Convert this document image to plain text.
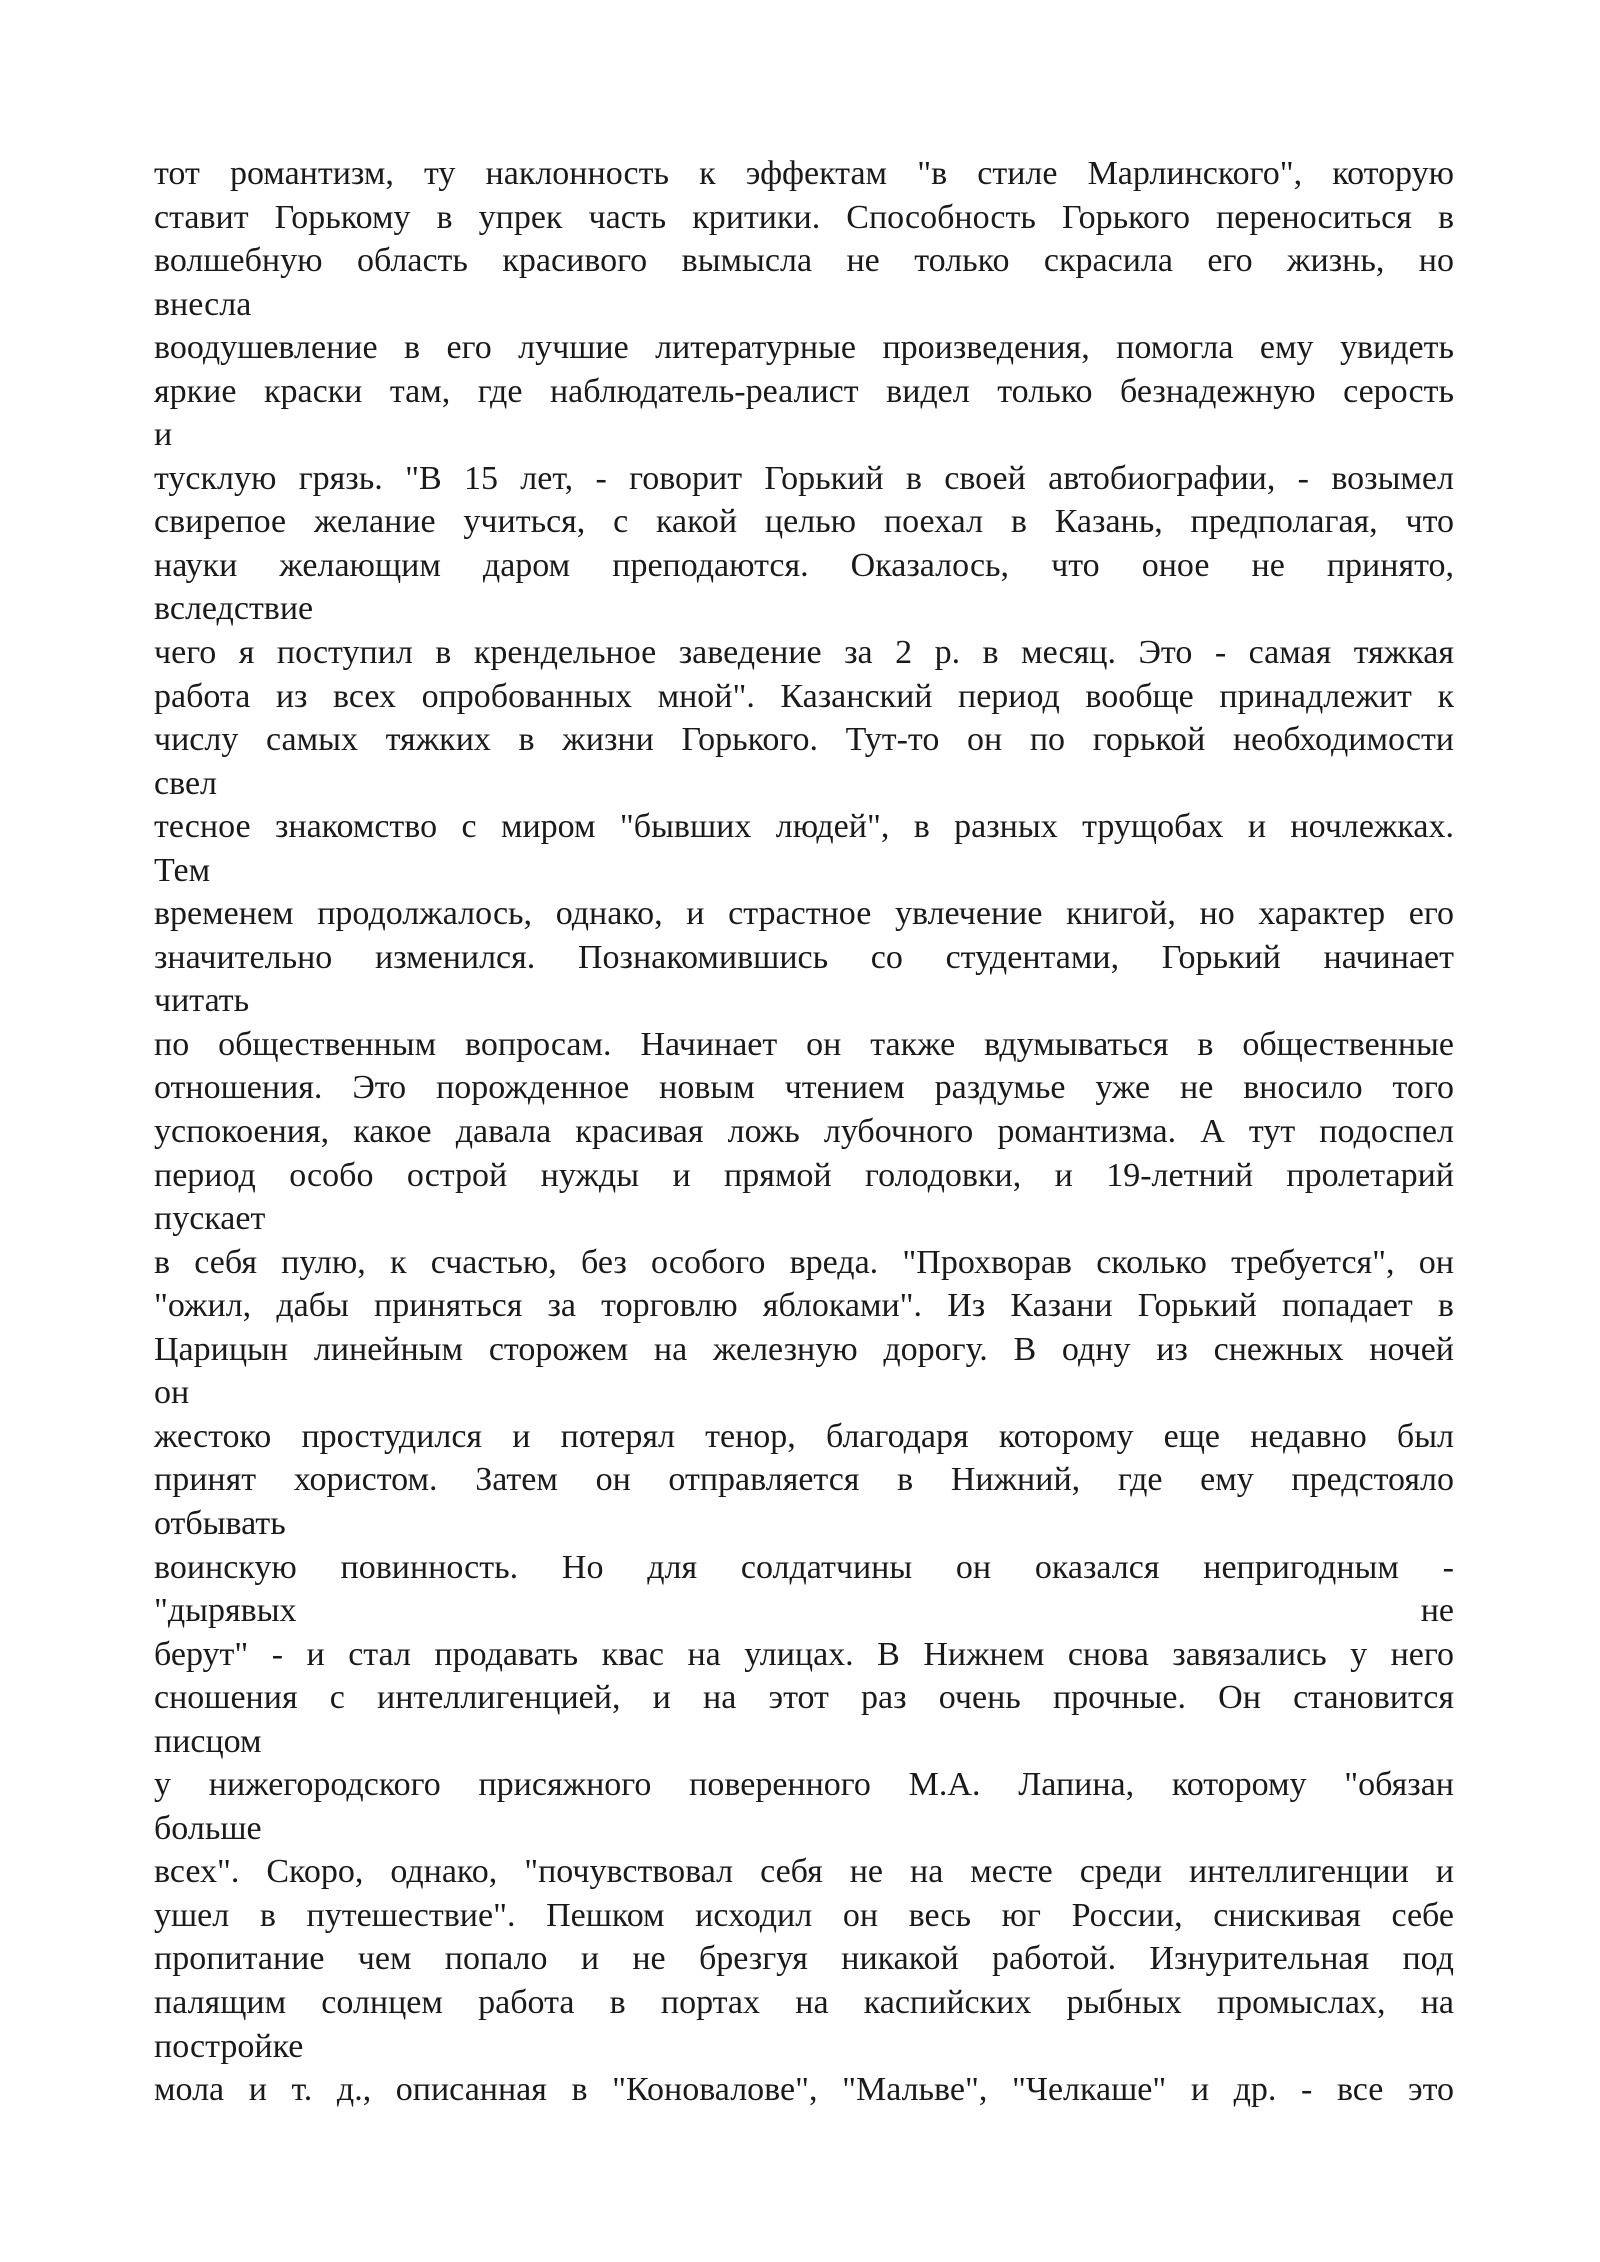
тот романтизм, ту наклонность к эффектам "в стиле Марлинского", которую
ставит Горькому в упрек часть критики. Способность Горького переноситься в
волшебную область красивого вымысла не только скрасила его жизнь, но
внесла
воодушевление в его лучшие литературные произведения, помогла ему увидеть
яркие краски там, где наблюдатель-реалист видел только безнадежную серость
и
тусклую грязь. "В 15 лет, - говорит Горький в своей автобиографии, - возымел
свирепое желание учиться, с какой целью поехал в Казань, предполагая, что
науки желающим даром преподаются. Оказалось, что оное не принято,
вследствие
чего я поступил в крендельное заведение за 2 р. в месяц. Это - самая тяжкая
работа из всех опробованных мной". Казанский период вообще принадлежит к
числу самых тяжких в жизни Горького. Тут-то он по горькой необходимости
свел
тесное знакомство с миром "бывших людей", в разных трущобах и ночлежках.
Тем
временем продолжалось, однако, и страстное увлечение книгой, но характер его
значительно изменился. Познакомившись со студентами, Горький начинает
читать
по общественным вопросам. Начинает он также вдумываться в общественные
отношения. Это порожденное новым чтением раздумье уже не вносило того
успокоения, какое давала красивая ложь лубочного романтизма. А тут подоспел
период особо острой нужды и прямой голодовки, и 19-летний пролетарий
пускает
в себя пулю, к счастью, без особого вреда. "Прохворав сколько требуется", он
"ожил, дабы приняться за торговлю яблоками". Из Казани Горький попадает в
Царицын линейным сторожем на железную дорогу. В одну из снежных ночей
он
жестоко простудился и потерял тенор, благодаря которому еще недавно был
принят хористом. Затем он отправляется в Нижний, где ему предстояло
отбывать
воинскую повинность. Но для солдатчины он оказался непригодным -
"дырявых не
берут" - и стал продавать квас на улицах. В Нижнем снова завязались у него
сношения с интеллигенцией, и на этот раз очень прочные. Он становится
писцом
у нижегородского присяжного поверенного М.А. Лапина, которому "обязан
больше
всех". Скоро, однако, "почувствовал себя не на месте среди интеллигенции и
ушел в путешествие". Пешком исходил он весь юг России, снискивая себе
пропитание чем попало и не брезгуя никакой работой. Изнурительная под
палящим солнцем работа в портах на каспийских рыбных промыслах, на
постройке
мола и т. д., описанная в "Коновалове", "Мальве", "Челкаше" и др. - все это
